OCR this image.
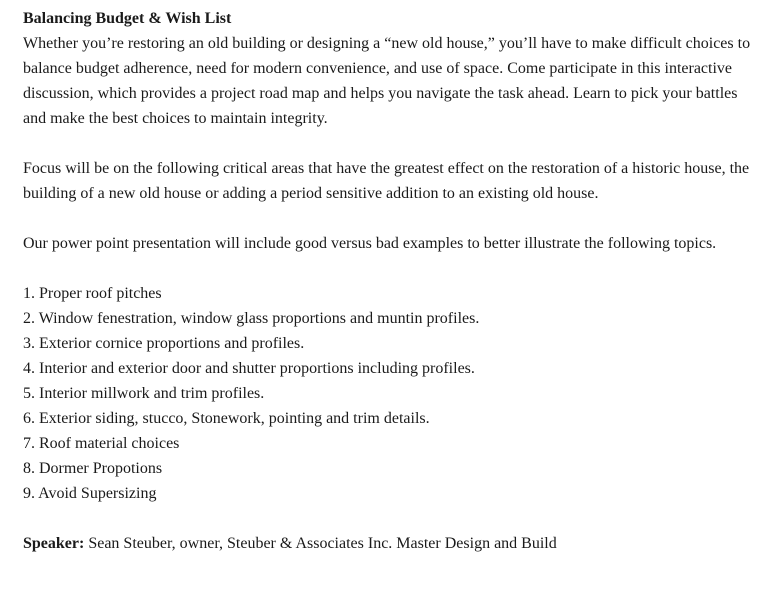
Balancing Budget & Wish List

Whether you’re restoring an old building or designing a “new old house,” you’ll have to make difficult choices to balance budget adherence, need for modern convenience, and use of space. Come participate in this interactive discussion, which provides a project road map and helps you navigate the task ahead. Learn to pick your battles and make the best choices to maintain integrity.

Focus will be on the following critical areas that have the greatest effect on the restoration of a historic house, the building of a new old house or adding a period sensitive addition to an existing old house.

Our power point presentation will include good versus bad examples to better illustrate the following topics.

1. Proper roof pitches
2. Window fenestration, window glass proportions and muntin profiles.
3. Exterior cornice proportions and profiles.
4. Interior and exterior door and shutter proportions including profiles.
5. Interior millwork and trim profiles.
6. Exterior siding, stucco, Stonework, pointing and trim details.
7. Roof material choices
8. Dormer Propotions
9. Avoid Supersizing

Speaker: Sean Steuber, owner, Steuber & Associates Inc. Master Design and Build
